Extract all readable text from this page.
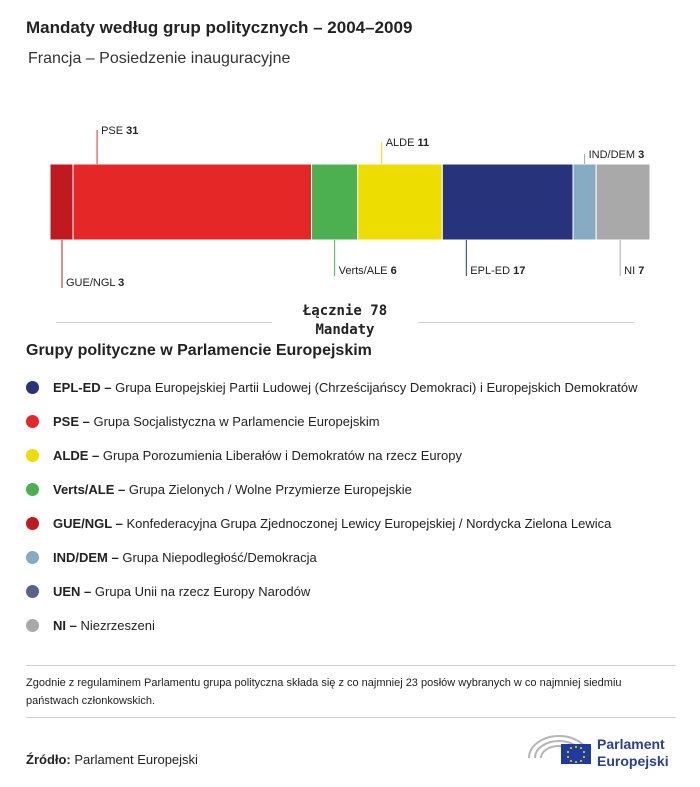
Mandaty według grup politycznych – 2004–2009
Francja – Posiedzenie inauguracyjne
GUE/NGL 3
PSE 31
Verts/ALE 6
ALDE 11
EPL-ED 17
IND/DEM 3
NI 7
Łącznie 78
Mandaty
Grupy polityczne w Parlamencie Europejskim
EPL-ED – Grupa Europejskiej Partii Ludowej (Chrześcijańscy Demokraci) i Europejskich Demokratów
PSE – Grupa Socjalistyczna w Parlamencie Europejskim
ALDE – Grupa Porozumienia Liberałów i Demokratów na rzecz Europy
Verts/ALE – Grupa Zielonych / Wolne Przymierze Europejskie
GUE/NGL – Konfederacyjna Grupa Zjednoczonej Lewicy Europejskiej / Nordycka Zielona Lewica
IND/DEM – Grupa Niepodległość/Demokracja
UEN – Grupa Unii na rzecz Europy Narodów
NI – Niezrzeszeni
Zgodnie z regulaminem Parlamentu grupa polityczna składa się z co najmniej 23 posłów wybranych w co najmniej siedmiu państwach członkowskich.
Źródło: Parlament Europejski
Parlament
Europejski
